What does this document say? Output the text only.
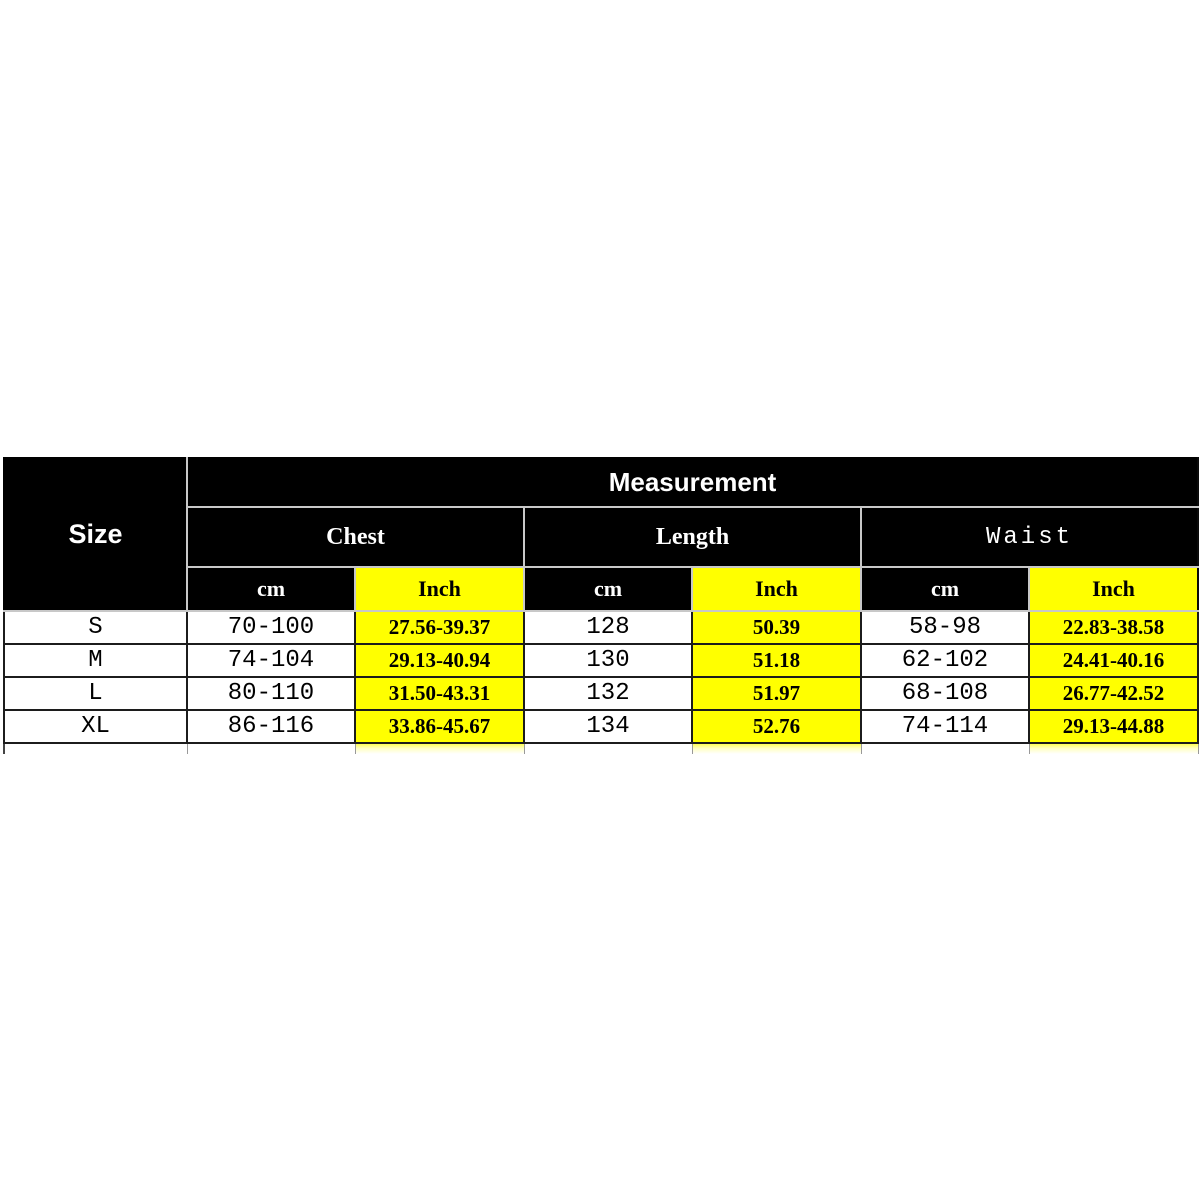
Size	Measurement					
	Chest		Length		Waist	
	cm	Inch	cm	Inch	cm	Inch
S	70-100	27.56-39.37	128	50.39	58-98	22.83-38.58
M	74-104	29.13-40.94	130	51.18	62-102	24.41-40.16
L	80-110	31.50-43.31	132	51.97	68-108	26.77-42.52
XL	86-116	33.86-45.67	134	52.76	74-114	29.13-44.88
